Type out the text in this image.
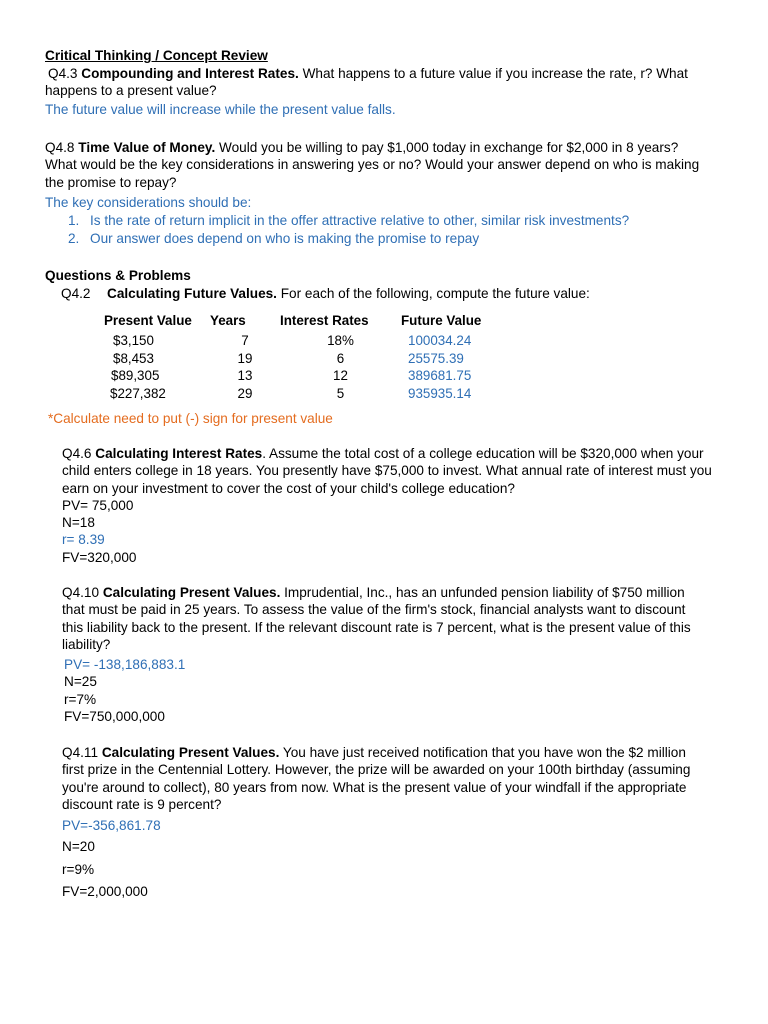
Critical Thinking / Concept Review
Q4.3 Compounding and Interest Rates. What happens to a future value if you increase the rate, r? What
happens to a present value?
The future value will increase while the present value falls.
Q4.8 Time Value of Money. Would you be willing to pay $1,000 today in exchange for $2,000 in 8 years?
What would be the key considerations in answering yes or no? Would your answer depend on who is making
the promise to repay?
The key considerations should be:
1. Is the rate of return implicit in the offer attractive relative to other, similar risk investments?
2. Our answer does depend on who is making the promise to repay
Questions & Problems
Q4.2 Calculating Future Values. For each of the following, compute the future value:
Present Value	Years	Interest Rates	Future Value
$3,150	7	18%	100034.24
$8,453	19	6	25575.39
$89,305	13	12	389681.75
$227,382	29	5	935935.14
*Calculate need to put (-) sign for present value
Q4.6 Calculating Interest Rates. Assume the total cost of a college education will be $320,000 when your
child enters college in 18 years. You presently have $75,000 to invest. What annual rate of interest must you
earn on your investment to cover the cost of your child's college education?
PV= 75,000
N=18
r= 8.39
FV=320,000
Q4.10 Calculating Present Values. Imprudential, Inc., has an unfunded pension liability of $750 million
that must be paid in 25 years. To assess the value of the firm's stock, financial analysts want to discount
this liability back to the present. If the relevant discount rate is 7 percent, what is the present value of this
liability?
PV= -138,186,883.1
N=25
r=7%
FV=750,000,000
Q4.11 Calculating Present Values. You have just received notification that you have won the $2 million
first prize in the Centennial Lottery. However, the prize will be awarded on your 100th birthday (assuming
you're around to collect), 80 years from now. What is the present value of your windfall if the appropriate
discount rate is 9 percent?
PV=-356,861.78
N=20
r=9%
FV=2,000,000
